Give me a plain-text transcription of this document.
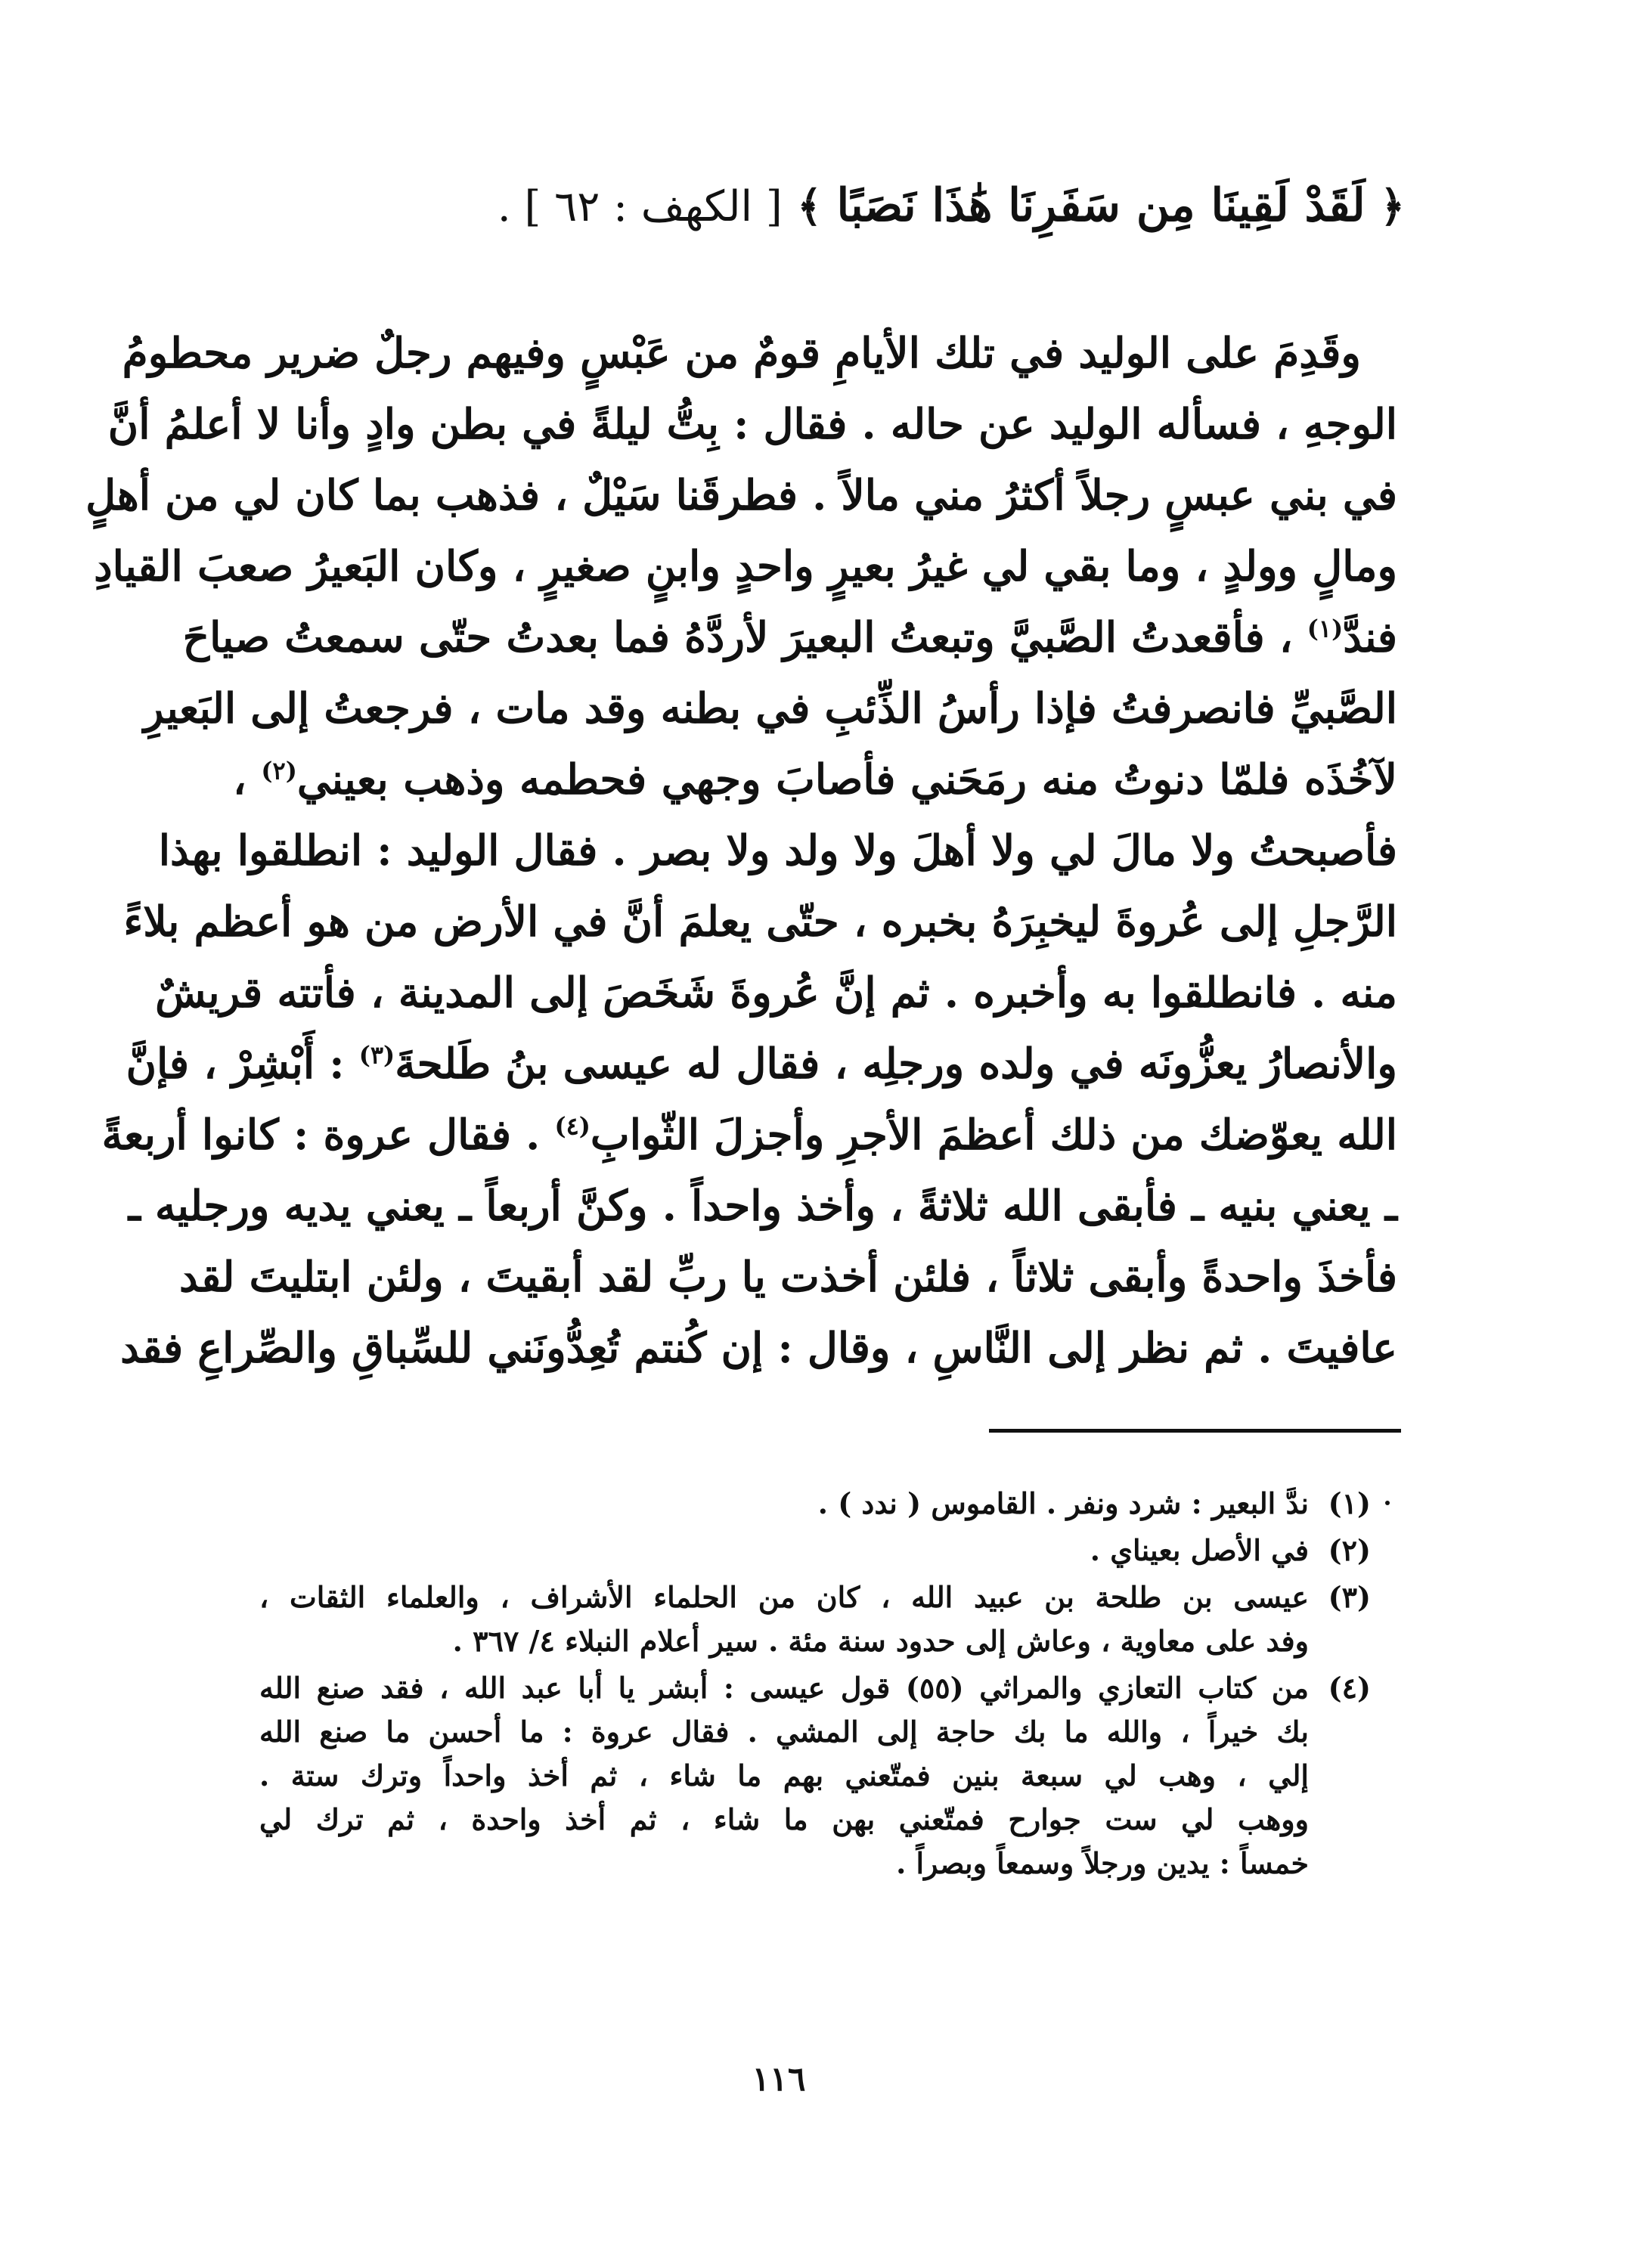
﴿ لَقَدْ لَقِينَا مِن سَفَرِنَا هَٰذَا نَصَبًا ﴾ [ الكهف : ٦٢ ] .
وقَدِمَ على الوليد في تلك الأيامِ قومٌ من عَبْسٍ وفيهم رجلٌ ضرير محطومُ
الوجهِ ، فسأله الوليد عن حاله . فقال : بِتُّ ليلةً في بطن وادٍ وأنا لا أعلمُ أنَّ
في بني عبسٍ رجلاً أكثرُ مني مالاً . فطرقَنا سَيْلٌ ، فذهب بما كان لي من أهلٍ
ومالٍ وولدٍ ، وما بقي لي غيرُ بعيرٍ واحدٍ وابنٍ صغيرٍ ، وكان البَعيرُ صعبَ القيادِ
فندَّ$^{(١)}$ ، فأقعدتُ الصَّبيَّ وتبعتُ البعيرَ لأردَّهُ فما بعدتُ حتّى سمعتُ صياحَ
الصَّبيِّ فانصرفتُ فإذا رأسُ الذِّئبِ في بطنه وقد مات ، فرجعتُ إلى البَعيرِ
لآخُذَه فلمّا دنوتُ منه رمَحَني فأصابَ وجهي فحطمه وذهب بعيني$^{(٢)}$ ،
فأصبحتُ ولا مالَ لي ولا أهلَ ولا ولد ولا بصر . فقال الوليد : انطلقوا بهذا
الرَّجلِ إلى عُروةَ ليخبِرَهُ بخبره ، حتّى يعلمَ أنَّ في الأرض من هو أعظم بلاءً
منه . فانطلقوا به وأخبره . ثم إنَّ عُروةَ شَخَصَ إلى المدينة ، فأتته قريشٌ
والأنصارُ يعزُّونَه في ولده ورجلِه ، فقال له عيسى بنُ طَلحةَ$^{(٣)}$ : أَبْشِرْ ، فإنَّ
الله يعوّضك من ذلك أعظمَ الأجرِ وأجزلَ الثّوابِ$^{(٤)}$ . فقال عروة : كانوا أربعةً
ـ يعني بنيه ـ فأبقى الله ثلاثةً ، وأخذ واحداً . وكنَّ أربعاً ـ يعني يديه ورجليه ـ
فأخذَ واحدةً وأبقى ثلاثاً ، فلئن أخذت يا ربِّ لقد أبقيتَ ، ولئن ابتليتَ لقد
عافيتَ . ثم نظر إلى النَّاسِ ، وقال : إن كُنتم تُعِدُّونَني للسِّباقِ والصِّراعِ فقد
(١)
ندَّ البعير : شرد ونفر . القاموس ( ندد ) .
(٢)
في الأصل بعيناي .
(٣)
عيسى بن طلحة بن عبيد الله ، كان من الحلماء الأشراف ، والعلماء الثقات ،
وفد على معاوية ، وعاش إلى حدود سنة مئة . سير أعلام النبلاء ٤/ ٣٦٧ .
(٤)
من كتاب التعازي والمراثي (٥٥) قول عيسى : أبشر يا أبا عبد الله ، فقد صنع الله
بك خيراً ، والله ما بك حاجة إلى المشي . فقال عروة : ما أحسن ما صنع الله
إلي ، وهب لي سبعة بنين فمتّعني بهم ما شاء ، ثم أخذ واحداً وترك ستة .
ووهب لي ست جوارح فمتّعني بهن ما شاء ، ثم أخذ واحدة ، ثم ترك لي
خمساً : يدين ورجلاً وسمعاً وبصراً .
١١٦
